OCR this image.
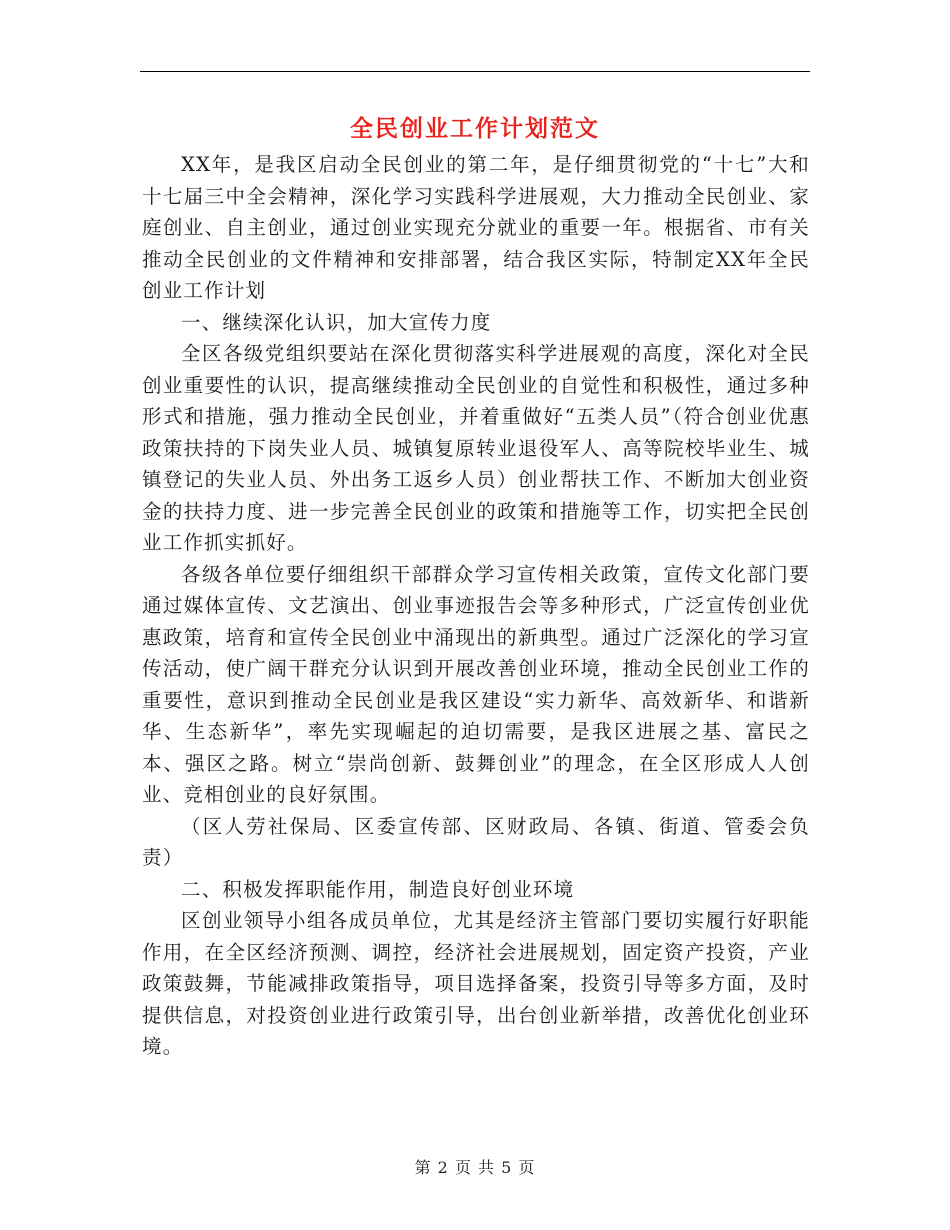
全民创业工作计划范文

XX年，是我区启动全民创业的第二年，是仔细贯彻党的“十七”大和十七届三中全会精神，深化学习实践科学进展观，大力推动全民创业、家庭创业、自主创业，通过创业实现充分就业的重要一年。根据省、市有关推动全民创业的文件精神和安排部署，结合我区实际，特制定XX年全民创业工作计划

一、继续深化认识，加大宣传力度

全区各级党组织要站在深化贯彻落实科学进展观的高度，深化对全民创业重要性的认识，提高继续推动全民创业的自觉性和积极性，通过多种形式和措施，强力推动全民创业，并着重做好“五类人员”（符合创业优惠政策扶持的下岗失业人员、城镇复原转业退役军人、高等院校毕业生、城镇登记的失业人员、外出务工返乡人员）创业帮扶工作、不断加大创业资金的扶持力度、进一步完善全民创业的政策和措施等工作，切实把全民创业工作抓实抓好。

各级各单位要仔细组织干部群众学习宣传相关政策，宣传文化部门要通过媒体宣传、文艺演出、创业事迹报告会等多种形式，广泛宣传创业优惠政策，培育和宣传全民创业中涌现出的新典型。通过广泛深化的学习宣传活动，使广阔干群充分认识到开展改善创业环境，推动全民创业工作的重要性，意识到推动全民创业是我区建设“实力新华、高效新华、和谐新华、生态新华”，率先实现崛起的迫切需要，是我区进展之基、富民之本、强区之路。树立“崇尚创新、鼓舞创业”的理念，在全区形成人人创业、竞相创业的良好氛围。

（区人劳社保局、区委宣传部、区财政局、各镇、街道、管委会负责）

二、积极发挥职能作用，制造良好创业环境

区创业领导小组各成员单位，尤其是经济主管部门要切实履行好职能作用，在全区经济预测、调控，经济社会进展规划，固定资产投资，产业政策鼓舞，节能减排政策指导，项目选择备案，投资引导等多方面，及时提供信息，对投资创业进行政策引导，出台创业新举措，改善优化创业环境。

第 2 页 共 5 页
